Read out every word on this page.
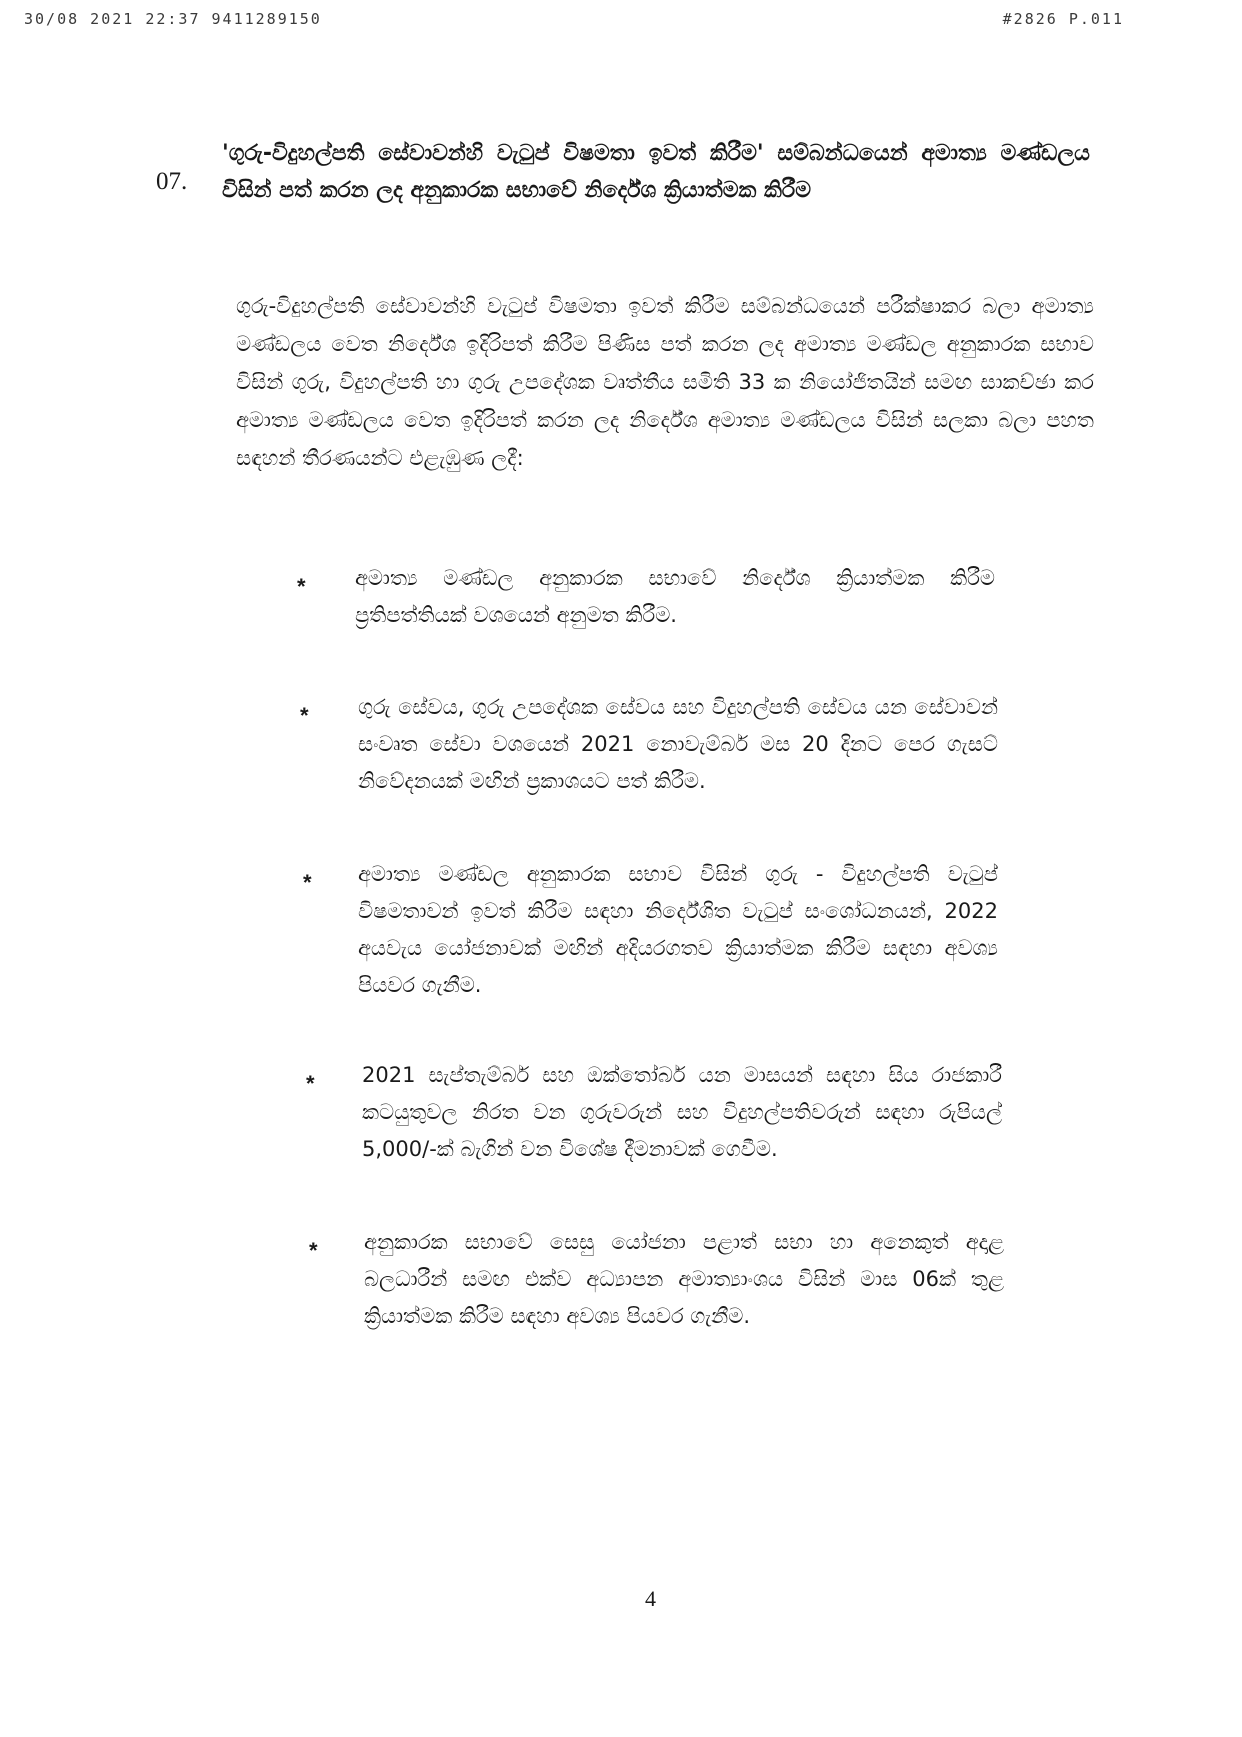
30/08 2021 22:37 9411289150	#2826 P.011
07.
'ගුරු-විදුහල්පති සේවාවන්හි වැටුප් විෂමතා ඉවත් කිරීම' සම්බන්ධයෙන් අමාත්‍ය මණ්ඩලය විසින් පත් කරන ලද අනුකාරක සභාවේ නිර්දේශ ක්‍රියාත්මක කිරීම
ගුරු-විදුහල්පති සේවාවන්හි වැටුප් විෂමතා ඉවත් කිරීම සම්බන්ධයෙන් පරීක්ෂාකර බලා අමාත්‍ය මණ්ඩලය වෙත නිර්දේශ ඉදිරිපත් කිරීම පිණිස පත් කරන ලද අමාත්‍ය මණ්ඩල අනුකාරක සභාව විසින් ගුරු, විදුහල්පති හා ගුරු උපදේශක වෘත්තීය සමිති 33 ක නියෝජිතයින් සමඟ සාකච්ඡා කර අමාත්‍ය මණ්ඩලය වෙත ඉදිරිපත් කරන ලද නිර්දේශ අමාත්‍ය මණ්ඩලය විසින් සලකා බලා පහත සඳහන් තීරණයන්ට එළැඹුණ ලදී:
* අමාත්‍ය මණ්ඩල අනුකාරක සභාවේ නිර්දේශ ක්‍රියාත්මක කිරීම ප්‍රතිපත්තියක් වශයෙන් අනුමත කිරීම.
* ගුරු සේවය, ගුරු උපදේශක සේවය සහ විදුහල්පති සේවය යන සේවාවන් සංවෘත සේවා වශයෙන් 2021 නොවැම්බර් මස 20 දිනට පෙර ගැසට් නිවේදනයක් මඟින් ප්‍රකාශයට පත් කිරීම.
* අමාත්‍ය මණ්ඩල අනුකාරක සභාව විසින් ගුරු - විදුහල්පති වැටුප් විෂමතාවන් ඉවත් කිරීම සඳහා නිර්දේශිත වැටුප් සංශෝධනයන්, 2022 අයවැය යෝජනාවක් මඟින් අදියරගතව ක්‍රියාත්මක කිරීම සඳහා අවශ්‍ය පියවර ගැනීම.
* 2021 සැප්තැම්බර් සහ ඔක්තෝබර් යන මාසයන් සඳහා සිය රාජකාරී කටයුතුවල නිරත වන ගුරුවරුන් සහ විදුහල්පතිවරුන් සඳහා රුපියල් 5,000/-ක් බැගින් වන විශේෂ දීමනාවක් ගෙවීම.
* අනුකාරක සභාවේ සෙසු යෝජනා පළාත් සභා හා අනෙකුත් අදාළ බලධාරීන් සමඟ එක්ව අධ්‍යාපන අමාත්‍යාංශය විසින් මාස 06ක් තුළ ක්‍රියාත්මක කිරීම සඳහා අවශ්‍ය පියවර ගැනීම.
4
